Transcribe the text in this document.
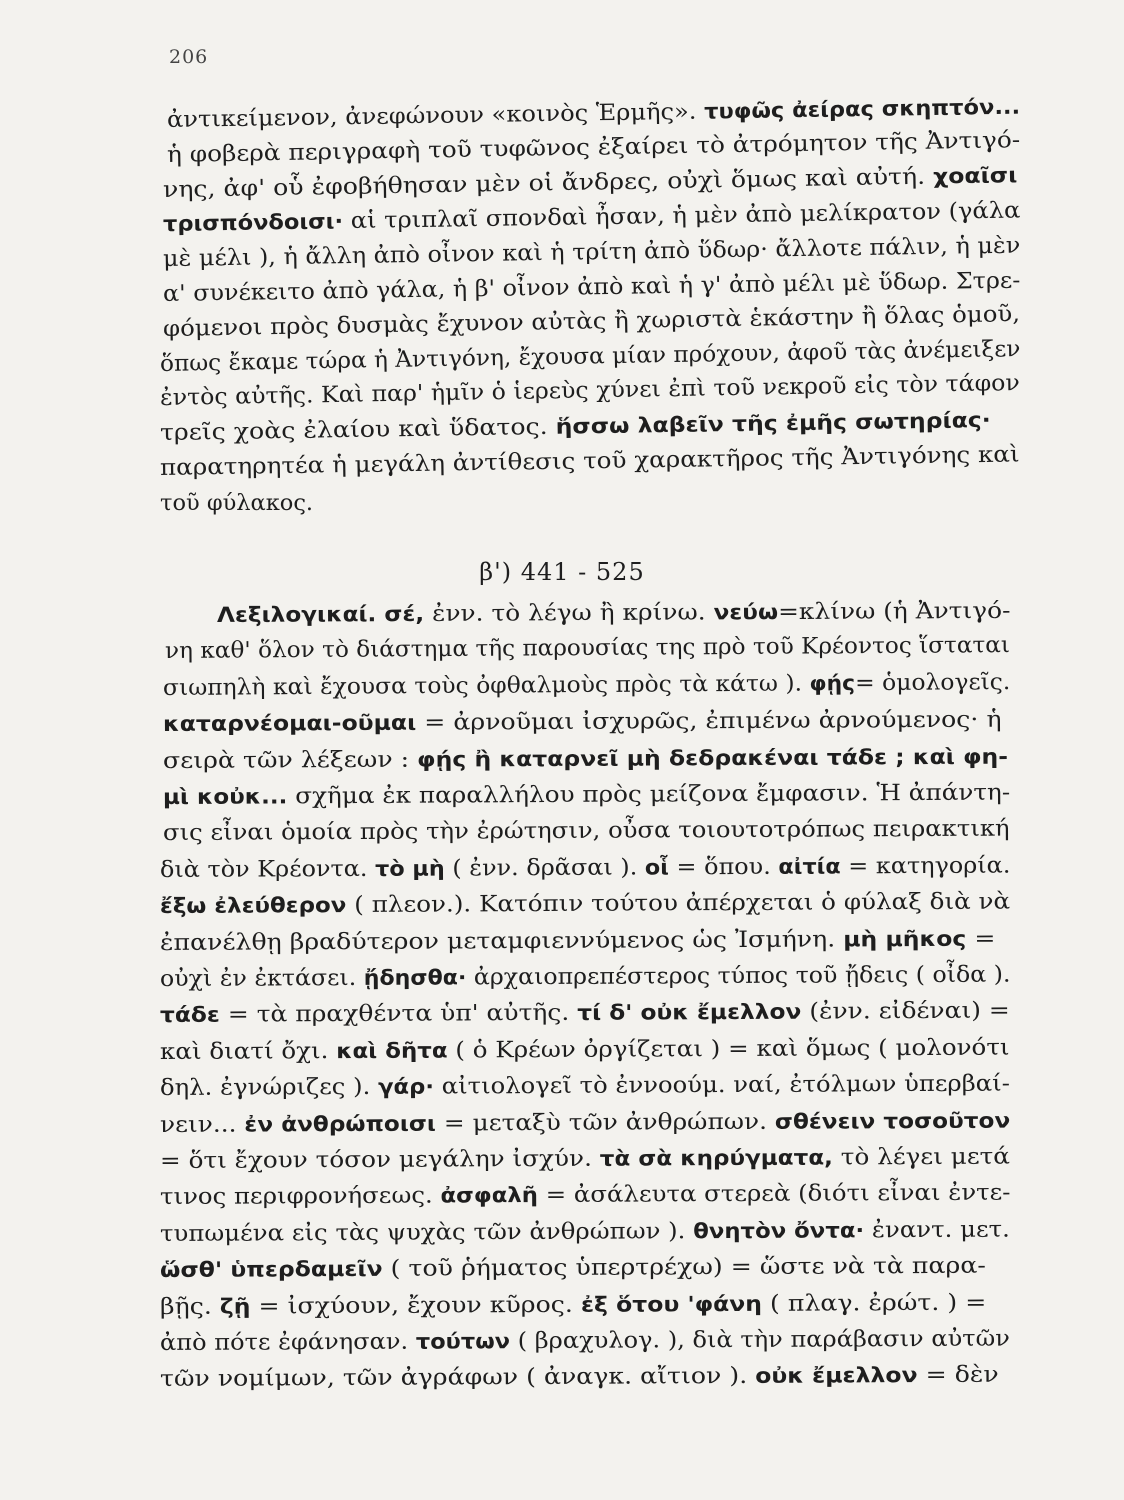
206
ἀντικείμενον, ἀνεφώνουν «κοινὸς Ἑρμῆς». τυφῶς ἀείρας σκηπτόν...
ἡ φοβερὰ περιγραφὴ τοῦ τυφῶνος ἐξαίρει τὸ ἀτρόμητον τῆς Ἀντιγό-
νης, ἀφ' οὗ ἐφοβήθησαν μὲν οἱ ἄνδρες, οὐχὶ ὅμως καὶ αὐτή. χοαῖσι
τρισπόνδοισι· αἱ τριπλαῖ σπονδαὶ ἦσαν, ἡ μὲν ἀπὸ μελίκρατον (γάλα
μὲ μέλι ), ἡ ἄλλη ἀπὸ οἶνον καὶ ἡ τρίτη ἀπὸ ὕδωρ· ἄλλοτε πάλιν, ἡ μὲν
α' συνέκειτο ἀπὸ γάλα, ἡ β' οἶνον ἀπὸ καὶ ἡ γ' ἀπὸ μέλι μὲ ὕδωρ. Στρε-
φόμενοι πρὸς δυσμὰς ἔχυνον αὐτὰς ἢ χωριστὰ ἑκάστην ἢ ὅλας ὁμοῦ,
ὅπως ἔκαμε τώρα ἡ Ἀντιγόνη, ἔχουσα μίαν πρόχουν, ἀφοῦ τὰς ἀνέμειξεν
ἐντὸς αὐτῆς. Καὶ παρ' ἡμῖν ὁ ἱερεὺς χύνει ἐπὶ τοῦ νεκροῦ εἰς τὸν τάφον
τρεῖς χοὰς ἐλαίου καὶ ὕδατος. ἥσσω λαβεῖν τῆς ἐμῆς σωτηρίας·
παρατηρητέα ἡ μεγάλη ἀντίθεσις τοῦ χαρακτῆρος τῆς Ἀντιγόνης καὶ
τοῦ φύλακος.
β') 441 - 525
Λεξιλογικαί. σέ, ἐνν. τὸ λέγω ἢ κρίνω. νεύω=κλίνω (ἡ Ἀντιγό-
νη καθ' ὅλον τὸ διάστημα τῆς παρουσίας της πρὸ τοῦ Κρέοντος ἵσταται
σιωπηλὴ καὶ ἔχουσα τοὺς ὀφθαλμοὺς πρὸς τὰ κάτω ). φῄς= ὁμολογεῖς.
καταρνέομαι-οῦμαι = ἀρνοῦμαι ἰσχυρῶς, ἐπιμένω ἀρνούμενος· ἡ
σειρὰ τῶν λέξεων : φῄς ἢ καταρνεῖ μὴ δεδρακέναι τάδε ; καὶ φη-
μὶ κοὐκ... σχῆμα ἐκ παραλλήλου πρὸς μείζονα ἔμφασιν. Ἡ ἀπάντη-
σις εἶναι ὁμοία πρὸς τὴν ἐρώτησιν, οὖσα τοιουτοτρόπως πειρακτική
διὰ τὸν Κρέοντα. τὸ μὴ ( ἐνν. δρᾶσαι ). οἷ = ὅπου. αἰτία = κατηγορία.
ἔξω ἐλεύθερον ( πλεον.). Κατόπιν τούτου ἀπέρχεται ὁ φύλαξ διὰ νὰ
ἐπανέλθῃ βραδύτερον μεταμφιεννύμενος ὡς Ἰσμήνη. μὴ μῆκος =
οὐχὶ ἐν ἐκτάσει. ᾔδησθα· ἀρχαιοπρεπέστερος τύπος τοῦ ᾔδεις ( οἶδα ).
τάδε = τὰ πραχθέντα ὑπ' αὐτῆς. τί δ' οὐκ ἔμελλον (ἐνν. εἰδέναι) =
καὶ διατί ὄχι. καὶ δῆτα ( ὁ Κρέων ὀργίζεται ) = καὶ ὅμως ( μολονότι
δηλ. ἐγνώριζες ). γάρ· αἰτιολογεῖ τὸ ἐννοούμ. ναί, ἐτόλμων ὑπερβαί-
νειν... ἐν ἀνθρώποισι = μεταξὺ τῶν ἀνθρώπων. σθένειν τοσοῦτον
= ὅτι ἔχουν τόσον μεγάλην ἰσχύν. τὰ σὰ κηρύγματα, τὸ λέγει μετά
τινος περιφρονήσεως. ἀσφαλῆ = ἀσάλευτα στερεὰ (διότι εἶναι ἐντε-
τυπωμένα εἰς τὰς ψυχὰς τῶν ἀνθρώπων ). θνητὸν ὄντα· ἐναντ. μετ.
ὥσθ' ὑπερδαμεῖν ( τοῦ ῥήματος ὑπερτρέχω) = ὥστε νὰ τὰ παρα-
βῇς. ζῇ = ἰσχύουν, ἔχουν κῦρος. ἐξ ὅτου 'φάνη ( πλαγ. ἐρώτ. ) =
ἀπὸ πότε ἐφάνησαν. τούτων ( βραχυλογ. ), διὰ τὴν παράβασιν αὐτῶν
τῶν νομίμων, τῶν ἀγράφων ( ἀναγκ. αἴτιον ). οὐκ ἔμελλον = δὲν
